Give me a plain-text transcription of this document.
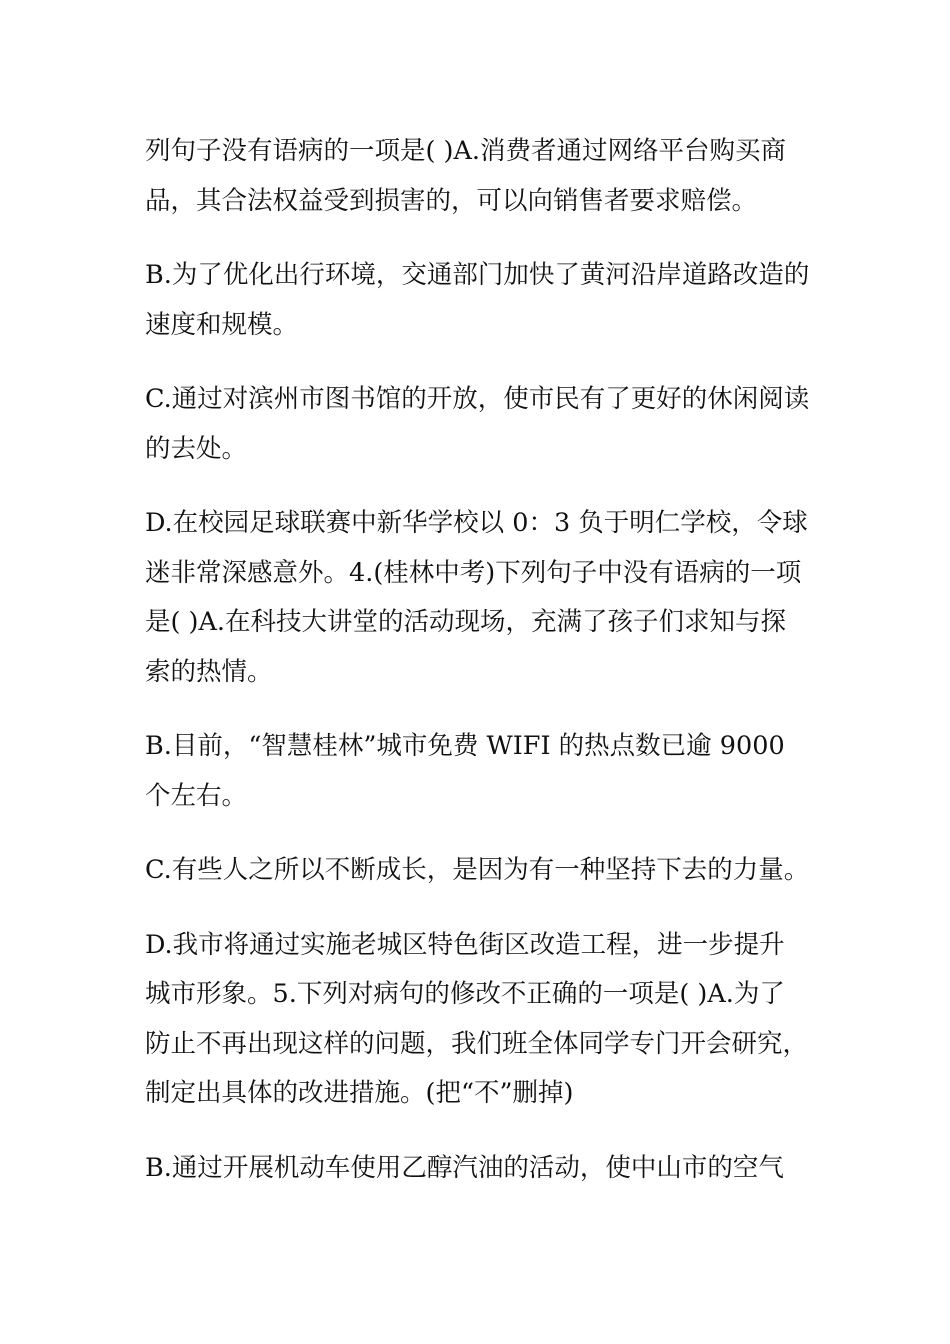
列句子没有语病的一项是( )A.消费者通过网络平台购买商品，其合法权益受到损害的，可以向销售者要求赔偿。

B.为了优化出行环境，交通部门加快了黄河沿岸道路改造的速度和规模。

C.通过对滨州市图书馆的开放，使市民有了更好的休闲阅读的去处。

D.在校园足球联赛中新华学校以 0：3 负于明仁学校，令球迷非常深感意外。4.(桂林中考)下列句子中没有语病的一项是( )A.在科技大讲堂的活动现场，充满了孩子们求知与探索的热情。

B.目前，“智慧桂林”城市免费 WIFI 的热点数已逾 9000 个左右。

C.有些人之所以不断成长，是因为有一种坚持下去的力量。

D.我市将通过实施老城区特色街区改造工程，进一步提升城市形象。5.下列对病句的修改不正确的一项是( )A.为了防止不再出现这样的问题，我们班全体同学专门开会研究，制定出具体的改进措施。(把“不”删掉)

B.通过开展机动车使用乙醇汽油的活动，使中山市的空气
